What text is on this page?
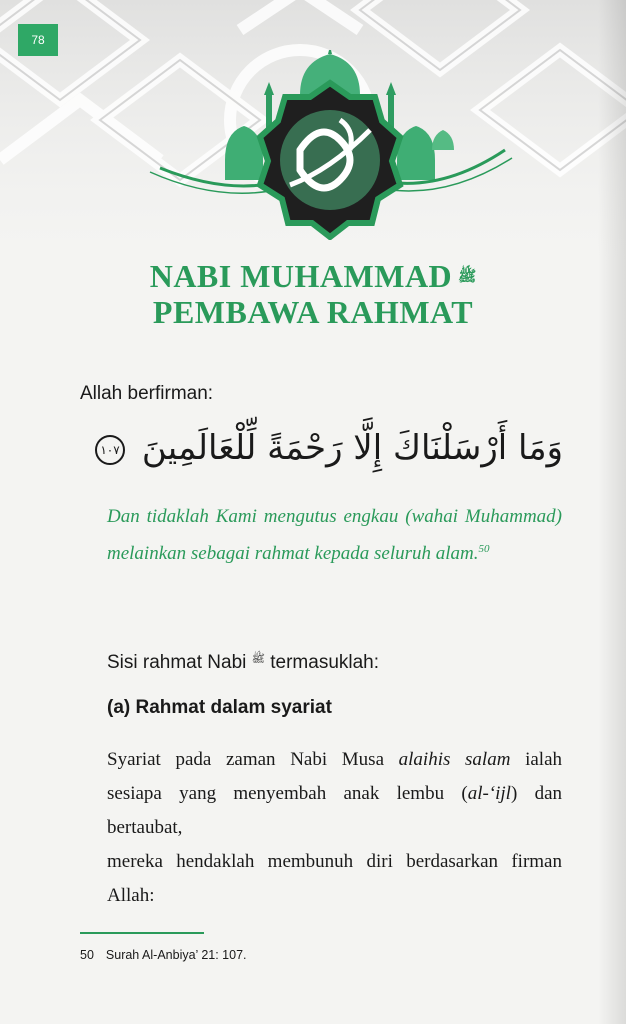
78
NABI MUHAMMAD ﷺ
PEMBAWA RAHMAT
Allah berfirman:
وَمَا أَرْسَلْنَاكَ إِلَّا رَحْمَةً لِّلْعَالَمِينَ ١٠٧
Dan tidaklah Kami mengutus engkau (wahai Muhammad) melainkan sebagai rahmat kepada seluruh alam.$^{50}$
Sisi rahmat Nabi $^ﷺ$ termasuklah:
(a) Rahmat dalam syariat
Syariat pada zaman Nabi Musa alaihis salam ialah
sesiapa yang menyembah anak lembu (al-‘ijl) dan bertaubat,
mereka hendaklah membunuh diri berdasarkan firman
Allah:
50 Surah Al-Anbiya’ 21: 107.
